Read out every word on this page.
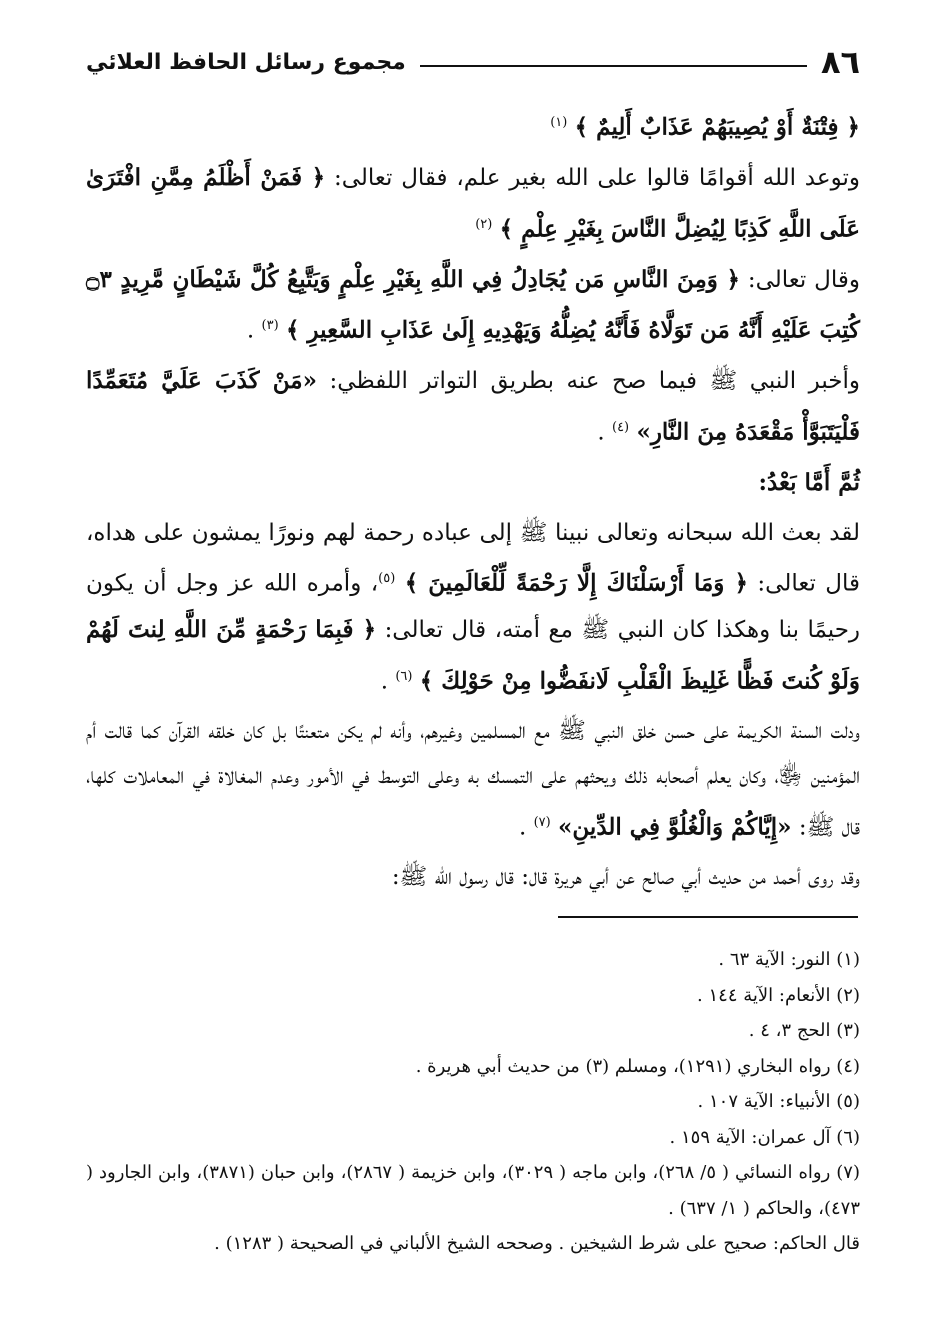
٨٦
مجموع رسائل الحافظ العلائي

﴿ فِتْنَةٌ أَوْ يُصِيبَهُمْ عَذَابٌ أَلِيمٌ ﴾ $^{(١)}$

وتوعد الله أقوامًا قالوا على الله بغير علم، فقال تعالى: ﴿ فَمَنْ أَظْلَمُ مِمَّنِ افْتَرَىٰ عَلَى اللَّهِ كَذِبًا لِيُضِلَّ النَّاسَ بِغَيْرِ عِلْمٍ ﴾ $^{(٢)}$

وقال تعالى: ﴿ وَمِنَ النَّاسِ مَن يُجَادِلُ فِي اللَّهِ بِغَيْرِ عِلْمٍ وَيَتَّبِعُ كُلَّ شَيْطَانٍ مَّرِيدٍ ۝٣ كُتِبَ عَلَيْهِ أَنَّهُ مَن تَوَلَّاهُ فَأَنَّهُ يُضِلُّهُ وَيَهْدِيهِ إِلَىٰ عَذَابِ السَّعِيرِ ﴾ $^{(٣)}$ .

وأخبر النبي ﷺ فيما صح عنه بطريق التواتر اللفظي: «مَنْ كَذَبَ عَلَيَّ مُتَعَمِّدًا فَلْيَتَبَوَّأْ مَقْعَدَهُ مِنَ النَّارِ» $^{(٤)}$ .

ثُمَّ أَمَّا بَعْدُ:

لقد بعث الله سبحانه وتعالى نبينا ﷺ إلى عباده رحمة لهم ونورًا يمشون على هداه، قال تعالى: ﴿ وَمَا أَرْسَلْنَاكَ إِلَّا رَحْمَةً لِّلْعَالَمِينَ ﴾ $^{(٥)}$، وأمره الله عز وجل أن يكون رحيمًا بنا وهكذا كان النبي ﷺ مع أمته، قال تعالى: ﴿ فَبِمَا رَحْمَةٍ مِّنَ اللَّهِ لِنتَ لَهُمْ وَلَوْ كُنتَ فَظًّا غَلِيظَ الْقَلْبِ لَانفَضُّوا مِنْ حَوْلِكَ ﴾ $^{(٦)}$ .

ودلت السنة الكريمة على حسن خلق النبي ﷺ مع المسلمين وغيرهم، وأنه لم يكن متعنتًا بل كان خلقه القرآن كما قالت أم المؤمنين ﵂، وكان يعلم أصحابه ذلك ويحثهم على التمسك به وعلى التوسط في الأمور وعدم المغالاة في المعاملات كلها، قال ﷺ: «إِيَّاكُمْ وَالْغُلُوَّ فِي الدِّينِ» $^{(٧)}$ .

وقد روى أحمد من حديث أبي صالح عن أبي هريرة قال: قال رسول الله ﷺ:

(١) النور: الآية ٦٣ .
(٢) الأنعام: الآية ١٤٤ .
(٣) الحج ٣، ٤ .
(٤) رواه البخاري (١٢٩١)، ومسلم (٣) من حديث أبي هريرة .
(٥) الأنبياء: الآية ١٠٧ .
(٦) آل عمران: الآية ١٥٩ .
(٧) رواه النسائي ( ٥/ ٢٦٨)، وابن ماجه ( ٣٠٢٩)، وابن خزيمة ( ٢٨٦٧)، وابن حبان (٣٨٧١)، وابن الجارود ( ٤٧٣)، والحاكم ( ١/ ٦٣٧) .
قال الحاكم: صحيح على شرط الشيخين . وصححه الشيخ الألباني في الصحيحة ( ١٢٨٣) .
